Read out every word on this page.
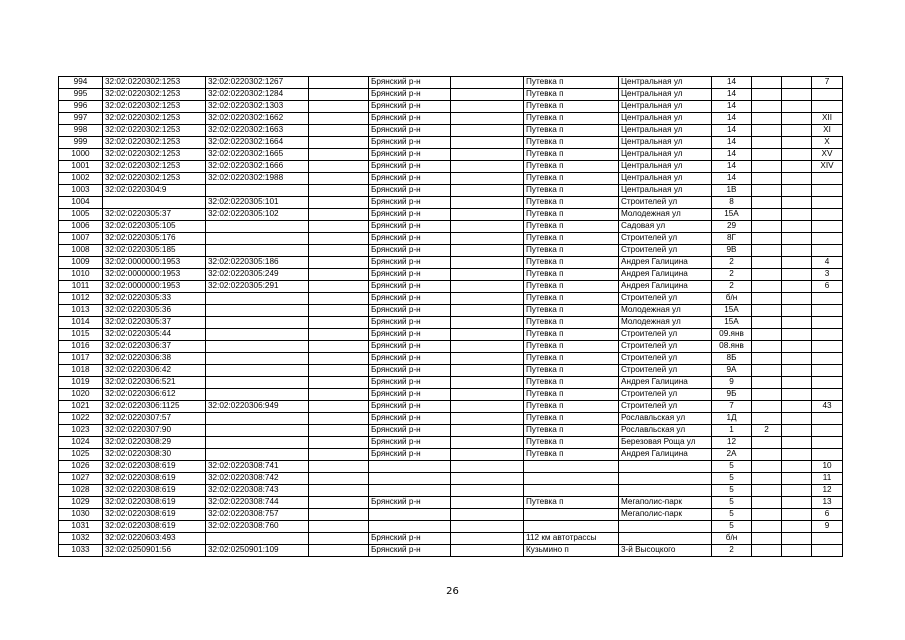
994	32:02:0220302:1253	32:02:0220302:1267		Брянский р-н		Путевка п	Центральная ул	14			7
995	32:02:0220302:1253	32:02:0220302:1284		Брянский р-н		Путевка п	Центральная ул	14			
996	32:02:0220302:1253	32:02:0220302:1303		Брянский р-н		Путевка п	Центральная ул	14			
997	32:02:0220302:1253	32:02:0220302:1662		Брянский р-н		Путевка п	Центральная ул	14			XII
998	32:02:0220302:1253	32:02:0220302:1663		Брянский р-н		Путевка п	Центральная ул	14			XI
999	32:02:0220302:1253	32:02:0220302:1664		Брянский р-н		Путевка п	Центральная ул	14			X
1000	32:02:0220302:1253	32:02:0220302:1665		Брянский р-н		Путевка п	Центральная ул	14			XV
1001	32:02:0220302:1253	32:02:0220302:1666		Брянский р-н		Путевка п	Центральная ул	14			XIV
1002	32:02:0220302:1253	32:02:0220302:1988		Брянский р-н		Путевка п	Центральная ул	14			
1003	32:02:0220304:9			Брянский р-н		Путевка п	Центральная ул	1В			
1004		32:02:0220305:101		Брянский р-н		Путевка п	Строителей ул	8			
1005	32:02:0220305:37	32:02:0220305:102		Брянский р-н		Путевка п	Молодежная ул	15А			
1006	32:02:0220305:105			Брянский р-н		Путевка п	Садовая ул	29			
1007	32:02:0220305:176			Брянский р-н		Путевка п	Строителей ул	8Г			
1008	32:02:0220305:185			Брянский р-н		Путевка п	Строителей ул	9В			
1009	32:02:0000000:1953	32:02:0220305:186		Брянский р-н		Путевка п	Андрея Галицина	2			4
1010	32:02:0000000:1953	32:02:0220305:249		Брянский р-н		Путевка п	Андрея Галицина	2			3
1011	32:02:0000000:1953	32:02:0220305:291		Брянский р-н		Путевка п	Андрея Галицина	2			6
1012	32:02:0220305:33			Брянский р-н		Путевка п	Строителей ул	б/н			
1013	32:02:0220305:36			Брянский р-н		Путевка п	Молодежная ул	15А			
1014	32:02:0220305:37			Брянский р-н		Путевка п	Молодежная ул	15А			
1015	32:02:0220305:44			Брянский р-н		Путевка п	Строителей ул	09.янв			
1016	32:02:0220306:37			Брянский р-н		Путевка п	Строителей ул	08.янв			
1017	32:02:0220306:38			Брянский р-н		Путевка п	Строителей ул	8Б			
1018	32:02:0220306:42			Брянский р-н		Путевка п	Строителей ул	9А			
1019	32:02:0220306:521			Брянский р-н		Путевка п	Андрея Галицина	9			
1020	32:02:0220306:612			Брянский р-н		Путевка п	Строителей ул	9Б			
1021	32:02:0220306:1125	32:02:0220306:949		Брянский р-н		Путевка п	Строителей ул	7			43
1022	32:02:0220307:57			Брянский р-н		Путевка п	Рославльская ул	1Д			
1023	32:02:0220307:90			Брянский р-н		Путевка п	Рославльская ул	1	2		
1024	32:02:0220308:29			Брянский р-н		Путевка п	Березовая Роща ул	12			
1025	32:02:0220308:30			Брянский р-н		Путевка п	Андрея Галицина	2А			
1026	32:02:0220308:619	32:02:0220308:741						5			10
1027	32:02:0220308:619	32:02:0220308:742						5			11
1028	32:02:0220308:619	32:02:0220308:743						5			12
1029	32:02:0220308:619	32:02:0220308:744		Брянский р-н		Путевка п	Мегаполис-парк	5			13
1030	32:02:0220308:619	32:02:0220308:757					Мегаполис-парк	5			6
1031	32:02:0220308:619	32:02:0220308:760						5			9
1032	32:02:0220603:493			Брянский р-н		112 км автотрассы		б/н			
1033	32:02:0250901:56	32:02:0250901:109		Брянский р-н		Кузьмино п	3-й Высоцкого	2			
26
